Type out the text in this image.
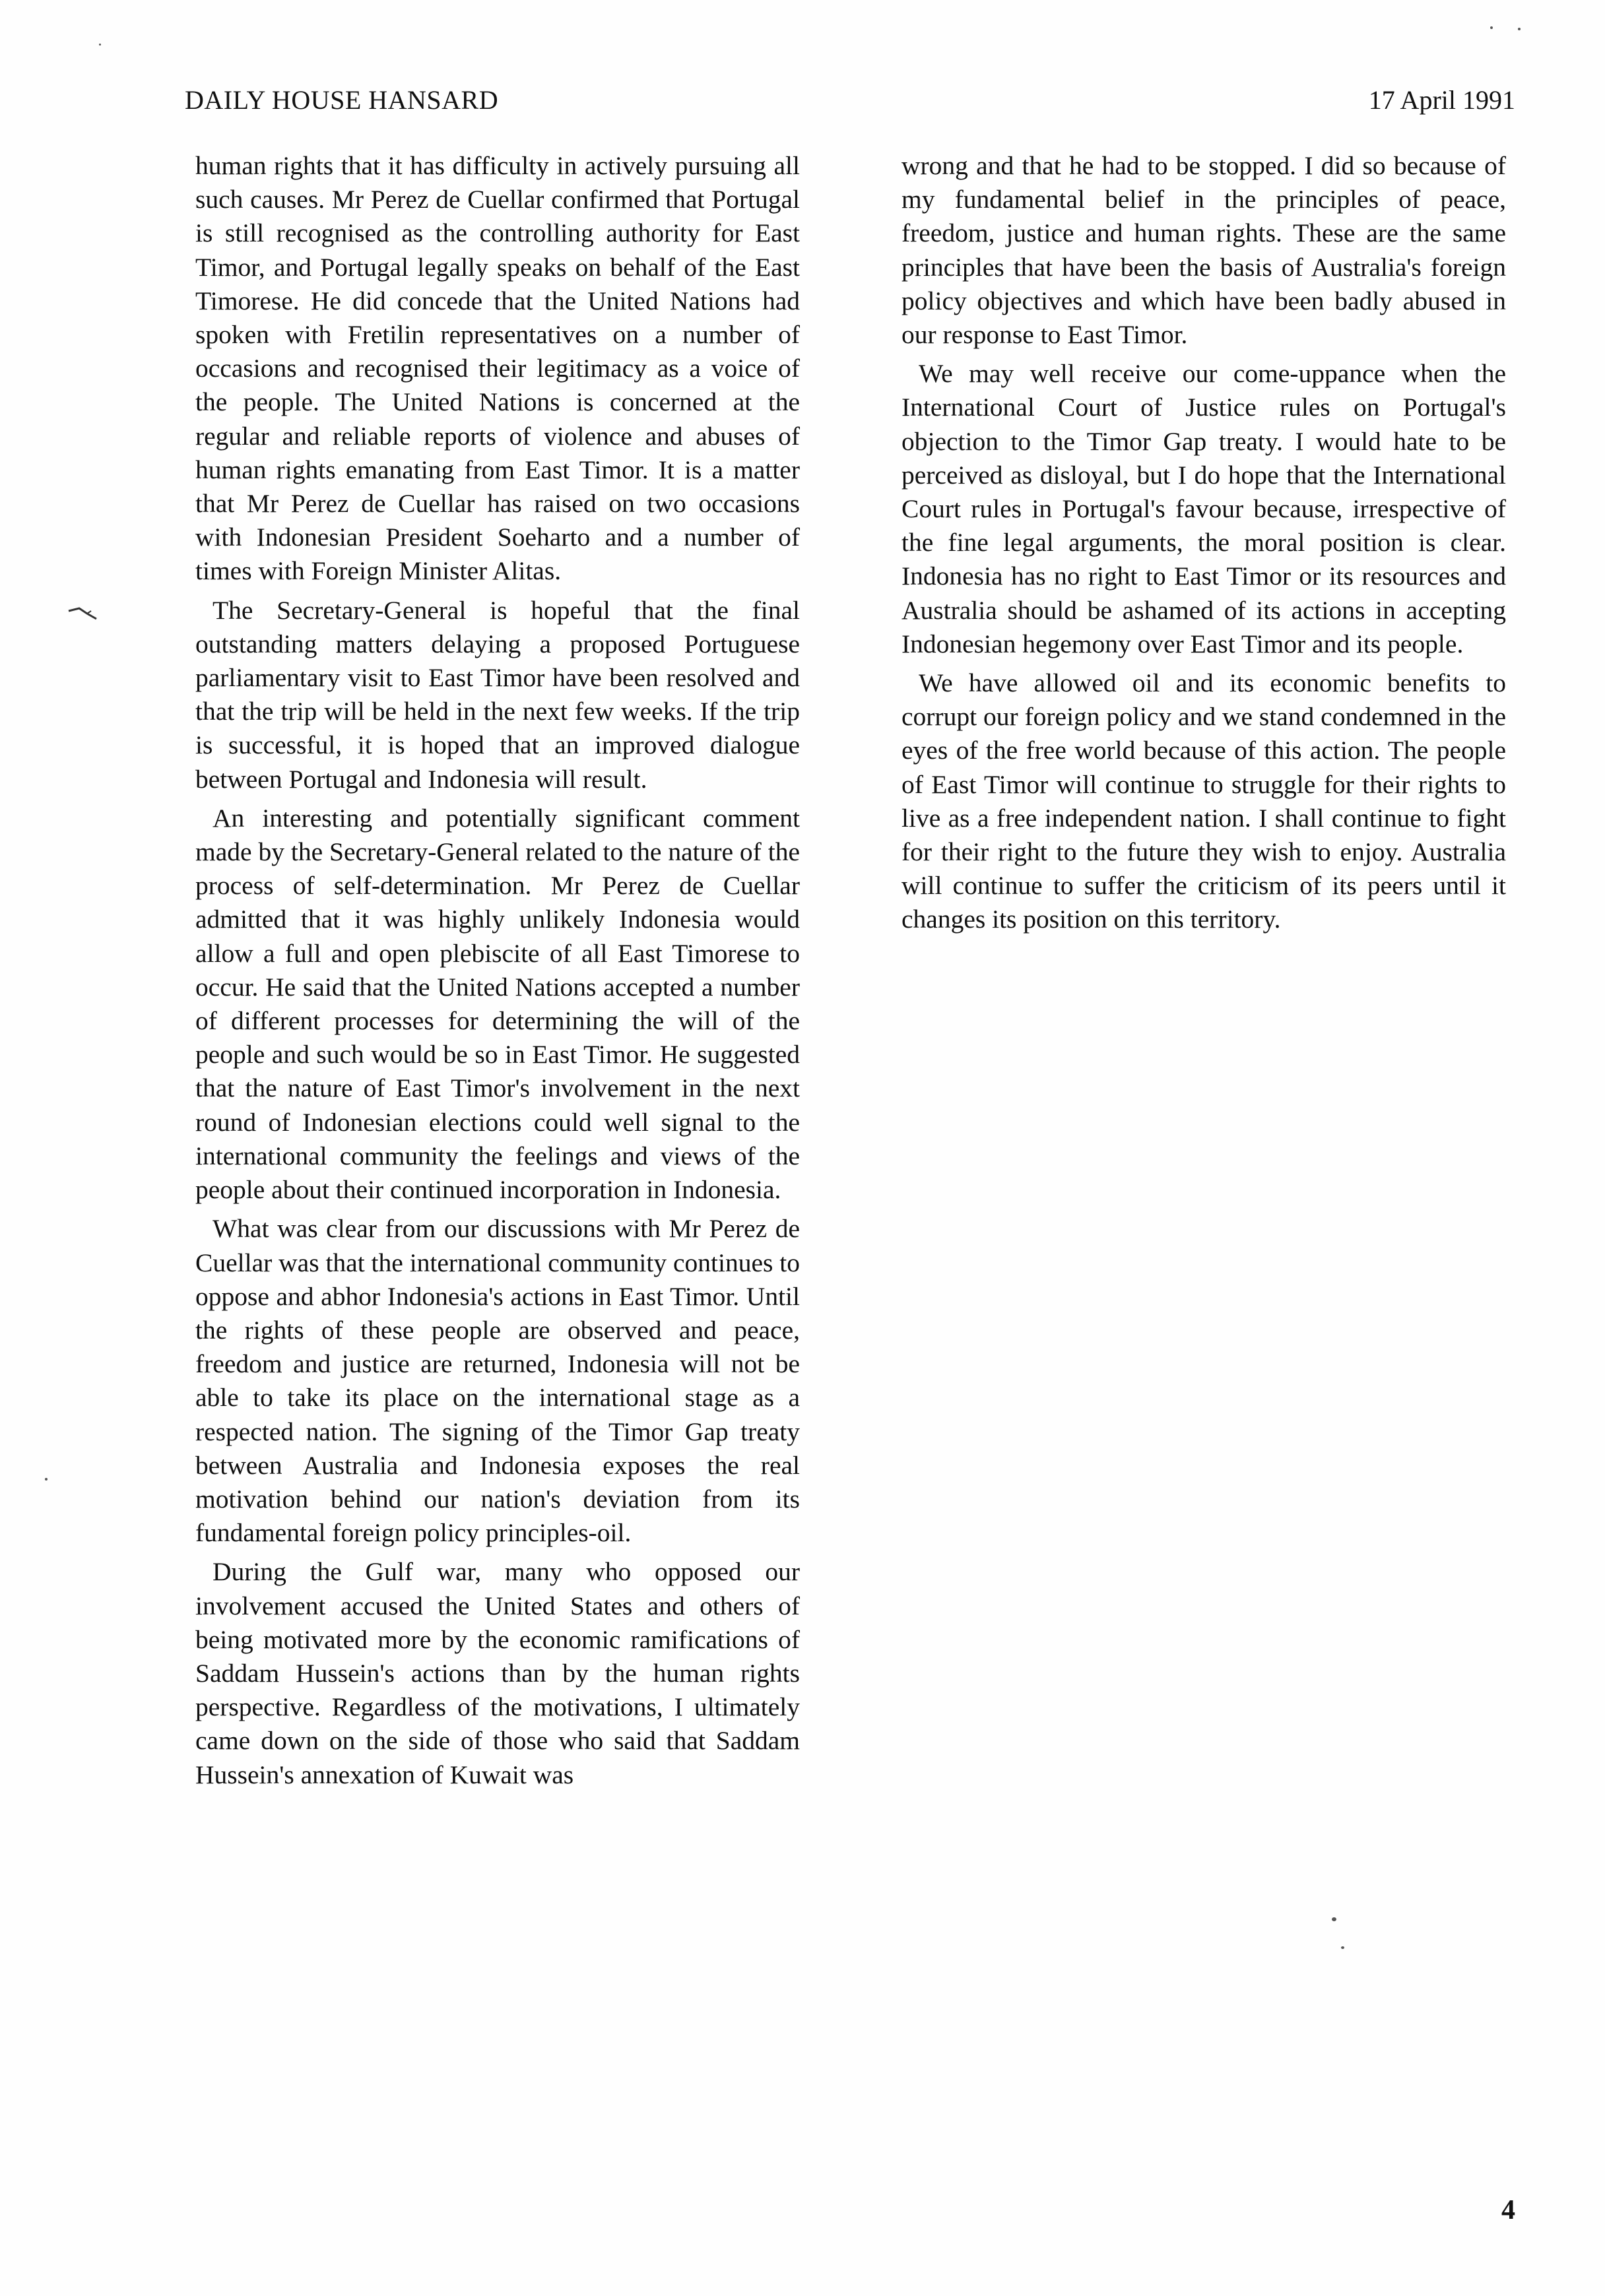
DAILY HOUSE HANSARD	17 April 1991

human rights that it has difficulty in actively pursuing all such causes. Mr Perez de Cuellar confirmed that Portugal is still recognised as the controlling authority for East Timor, and Portugal legally speaks on behalf of the East Timorese. He did concede that the United Nations had spoken with Fretilin representatives on a number of occasions and recognised their legitimacy as a voice of the people. The United Nations is concerned at the regular and reliable reports of violence and abuses of human rights emanating from East Timor. It is a matter that Mr Perez de Cuellar has raised on two occasions with Indonesian President Soeharto and a number of times with Foreign Minister Alitas.

The Secretary-General is hopeful that the final outstanding matters delaying a proposed Portuguese parliamentary visit to East Timor have been resolved and that the trip will be held in the next few weeks. If the trip is successful, it is hoped that an improved dialogue between Portugal and Indonesia will result.

An interesting and potentially significant comment made by the Secretary-General related to the nature of the process of self-determination. Mr Perez de Cuellar admitted that it was highly unlikely Indonesia would allow a full and open plebiscite of all East Timorese to occur. He said that the United Nations accepted a number of different processes for determining the will of the people and such would be so in East Timor. He suggested that the nature of East Timor's involvement in the next round of Indonesian elections could well signal to the international community the feelings and views of the people about their continued incorporation in Indonesia.

What was clear from our discussions with Mr Perez de Cuellar was that the international community continues to oppose and abhor Indonesia's actions in East Timor. Until the rights of these people are observed and peace, freedom and justice are returned, Indonesia will not be able to take its place on the international stage as a respected nation. The signing of the Timor Gap treaty between Australia and Indonesia exposes the real motivation behind our nation's deviation from its fundamental foreign policy principles-oil.

During the Gulf war, many who opposed our involvement accused the United States and others of being motivated more by the economic ramifications of Saddam Hussein's actions than by the human rights perspective. Regardless of the motivations, I ultimately came down on the side of those who said that Saddam Hussein's annexation of Kuwait was

wrong and that he had to be stopped. I did so because of my fundamental belief in the principles of peace, freedom, justice and human rights. These are the same principles that have been the basis of Australia's foreign policy objectives and which have been badly abused in our response to East Timor.

We may well receive our come-uppance when the International Court of Justice rules on Portugal's objection to the Timor Gap treaty. I would hate to be perceived as disloyal, but I do hope that the International Court rules in Portugal's favour because, irrespective of the fine legal arguments, the moral position is clear. Indonesia has no right to East Timor or its resources and Australia should be ashamed of its actions in accepting Indonesian hegemony over East Timor and its people.

We have allowed oil and its economic benefits to corrupt our foreign policy and we stand condemned in the eyes of the free world because of this action. The people of East Timor will continue to struggle for their rights to live as a free independent nation. I shall continue to fight for their right to the future they wish to enjoy. Australia will continue to suffer the criticism of its peers until it changes its position on this territory.

4
